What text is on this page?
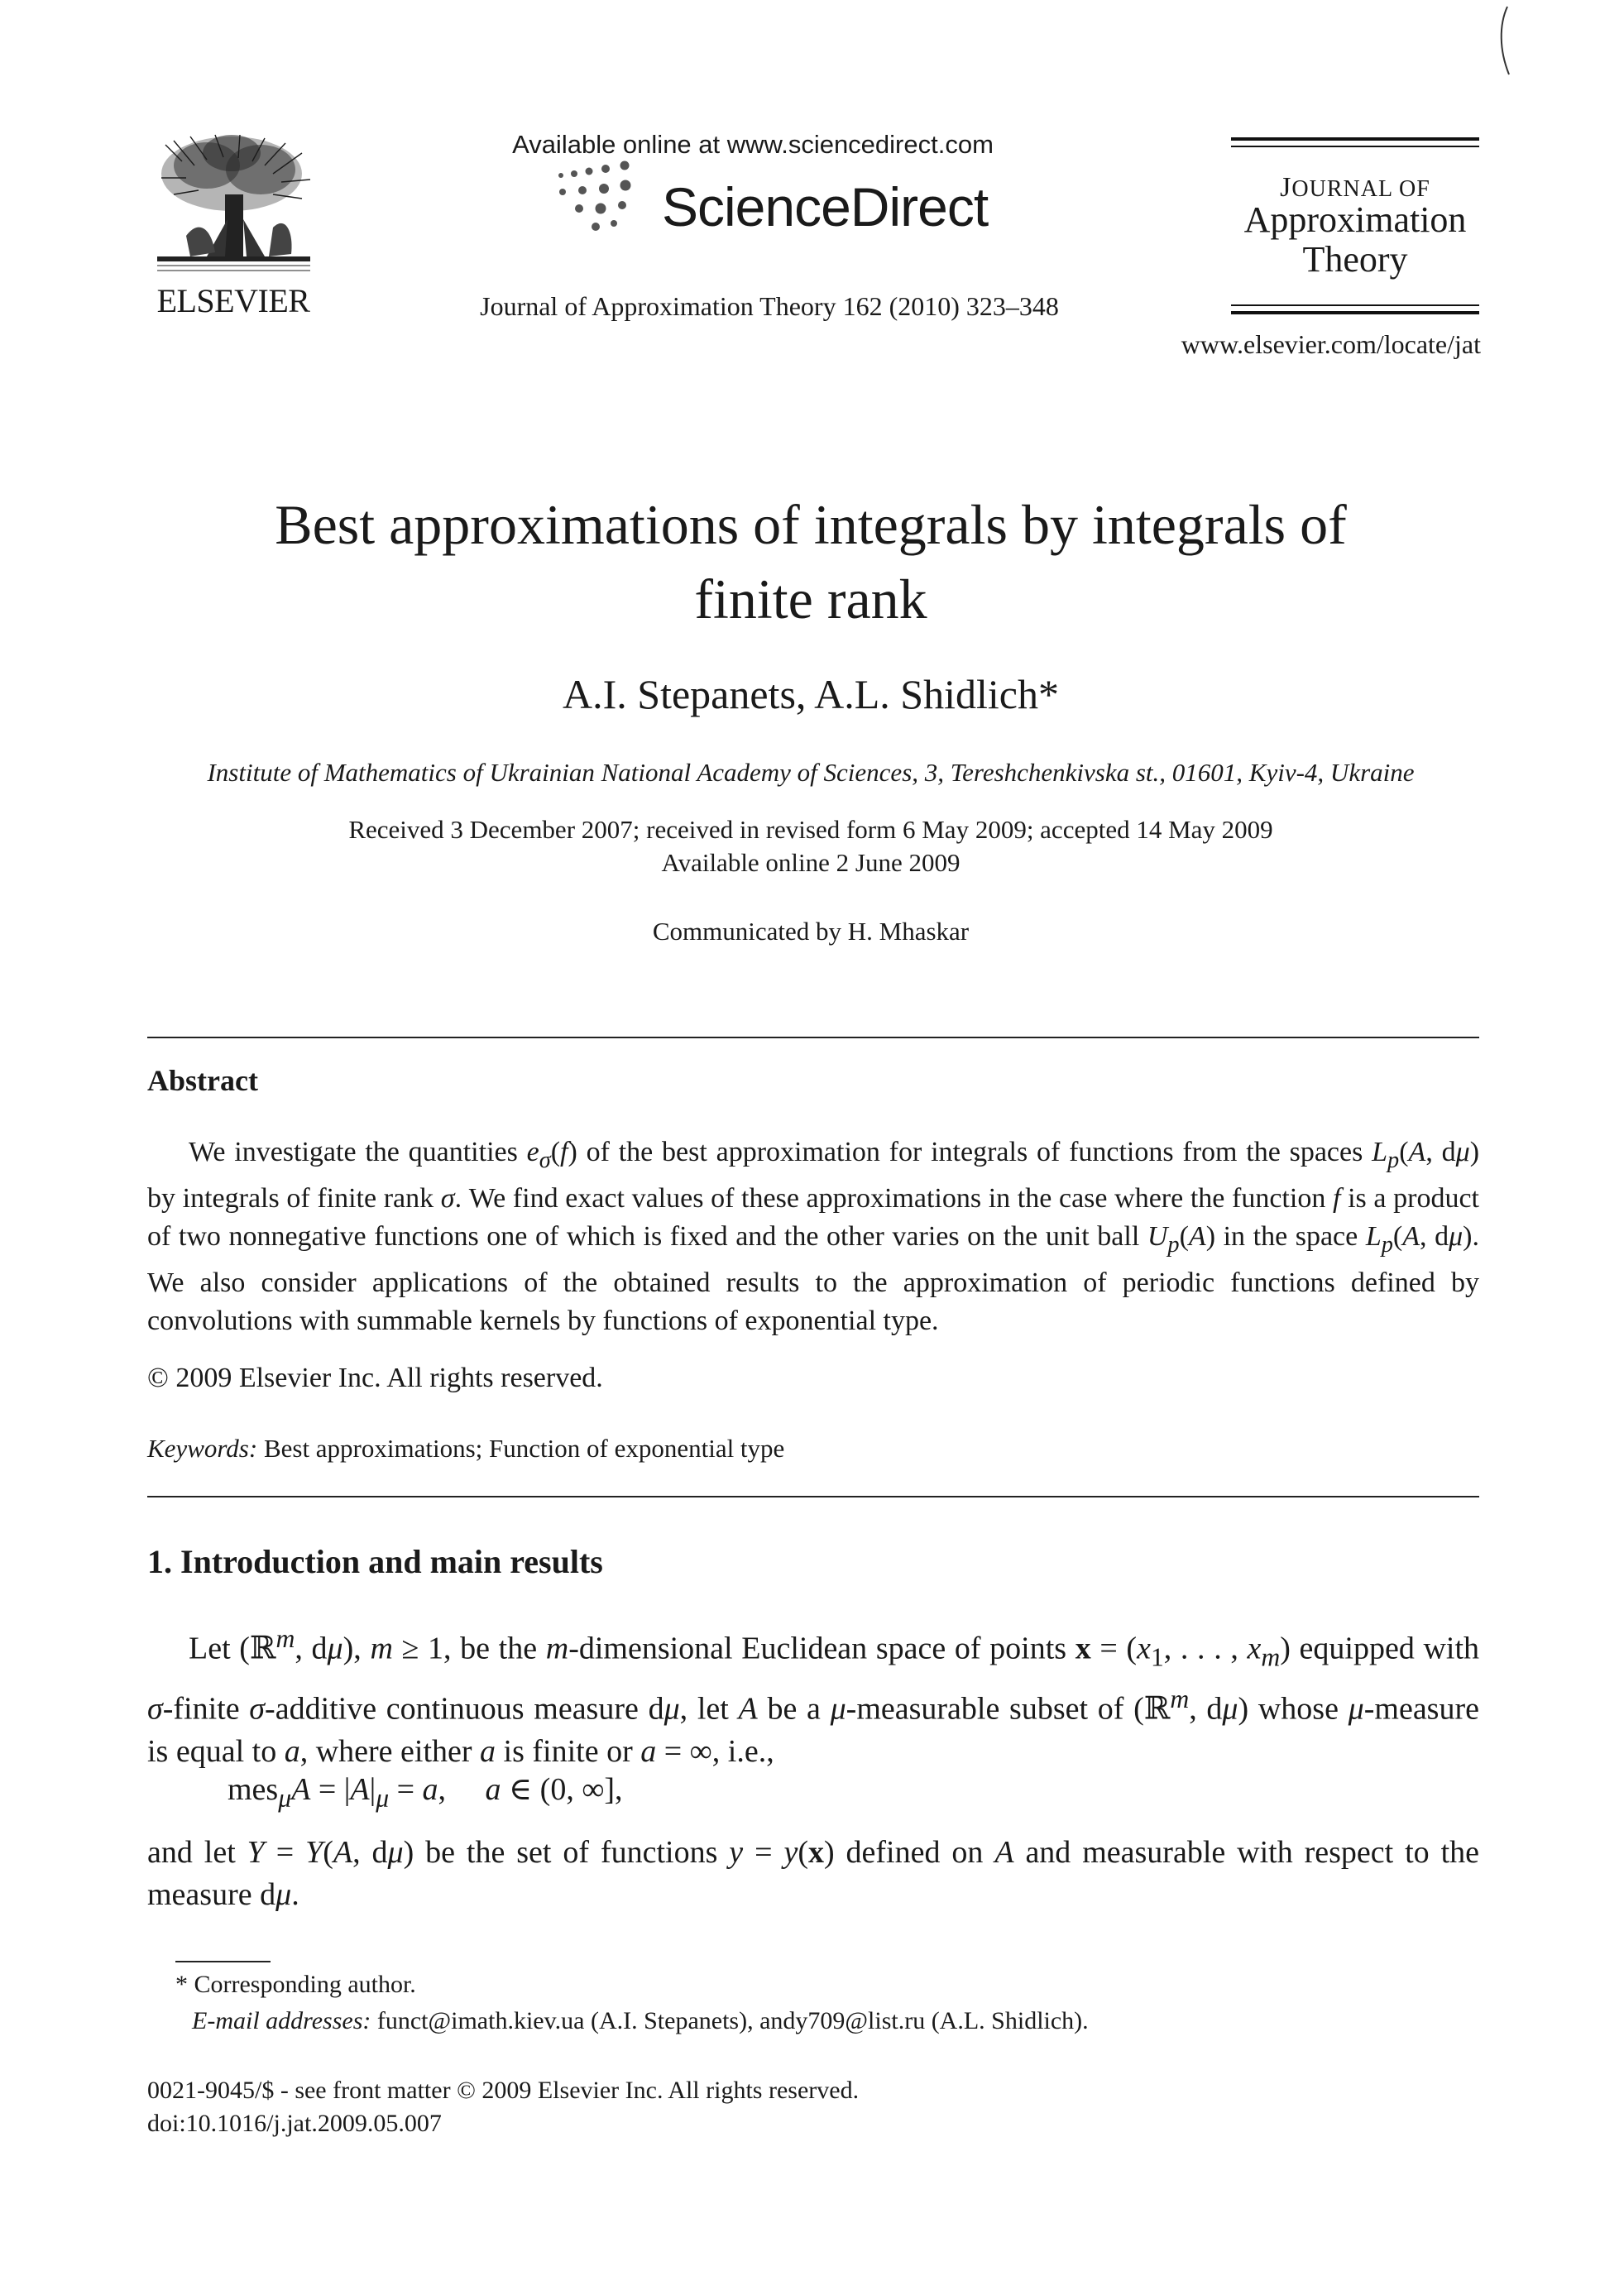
ELSEVIER
Available online at www.sciencedirect.com
ScienceDirect
Journal of Approximation Theory 162 (2010) 323–348
JOURNAL OF
Approximation
Theory
www.elsevier.com/locate/jat
Best approximations of integrals by integrals of
finite rank
A.I. Stepanets, A.L. Shidlich*
Institute of Mathematics of Ukrainian National Academy of Sciences, 3, Tereshchenkivska st., 01601, Kyiv-4, Ukraine
Received 3 December 2007; received in revised form 6 May 2009; accepted 14 May 2009
Available online 2 June 2009
Communicated by H. Mhaskar
Abstract
We investigate the quantities $e_\sigma(f)$ of the best approximation for integrals of functions from the spaces $L_p(A$, dμ) by integrals of finite rank σ. We find exact values of these approximations in the case where the function f is a product of two nonnegative functions one of which is fixed and the other varies on the unit ball $U_p(A)$ in the space $L_p(A$, dμ). We also consider applications of the obtained results to the approximation of periodic functions defined by convolutions with summable kernels by functions of exponential type.
© 2009 Elsevier Inc. All rights reserved.
Keywords: Best approximations; Function of exponential type
1. Introduction and main results
Let (ℝ$^m$, dμ), m ≥ 1, be the m-dimensional Euclidean space of points $x = (x_1$, . . . , $x_m$) equipped with σ-finite σ-additive continuous measure dμ, let A be a μ-measurable subset of (ℝ$^m$, dμ) whose μ-measure is equal to a, where either a is finite or a = ∞, i.e.,
$mes_\mu A = |A|_\mu = a$,     a ∈ (0, ∞],
and let Y = Y(A, dμ) be the set of functions y = y(x) defined on A and measurable with respect to the measure dμ.
* Corresponding author.
E-mail addresses: funct@imath.kiev.ua (A.I. Stepanets), andy709@list.ru (A.L. Shidlich).
0021-9045/$ - see front matter © 2009 Elsevier Inc. All rights reserved.
doi:10.1016/j.jat.2009.05.007
